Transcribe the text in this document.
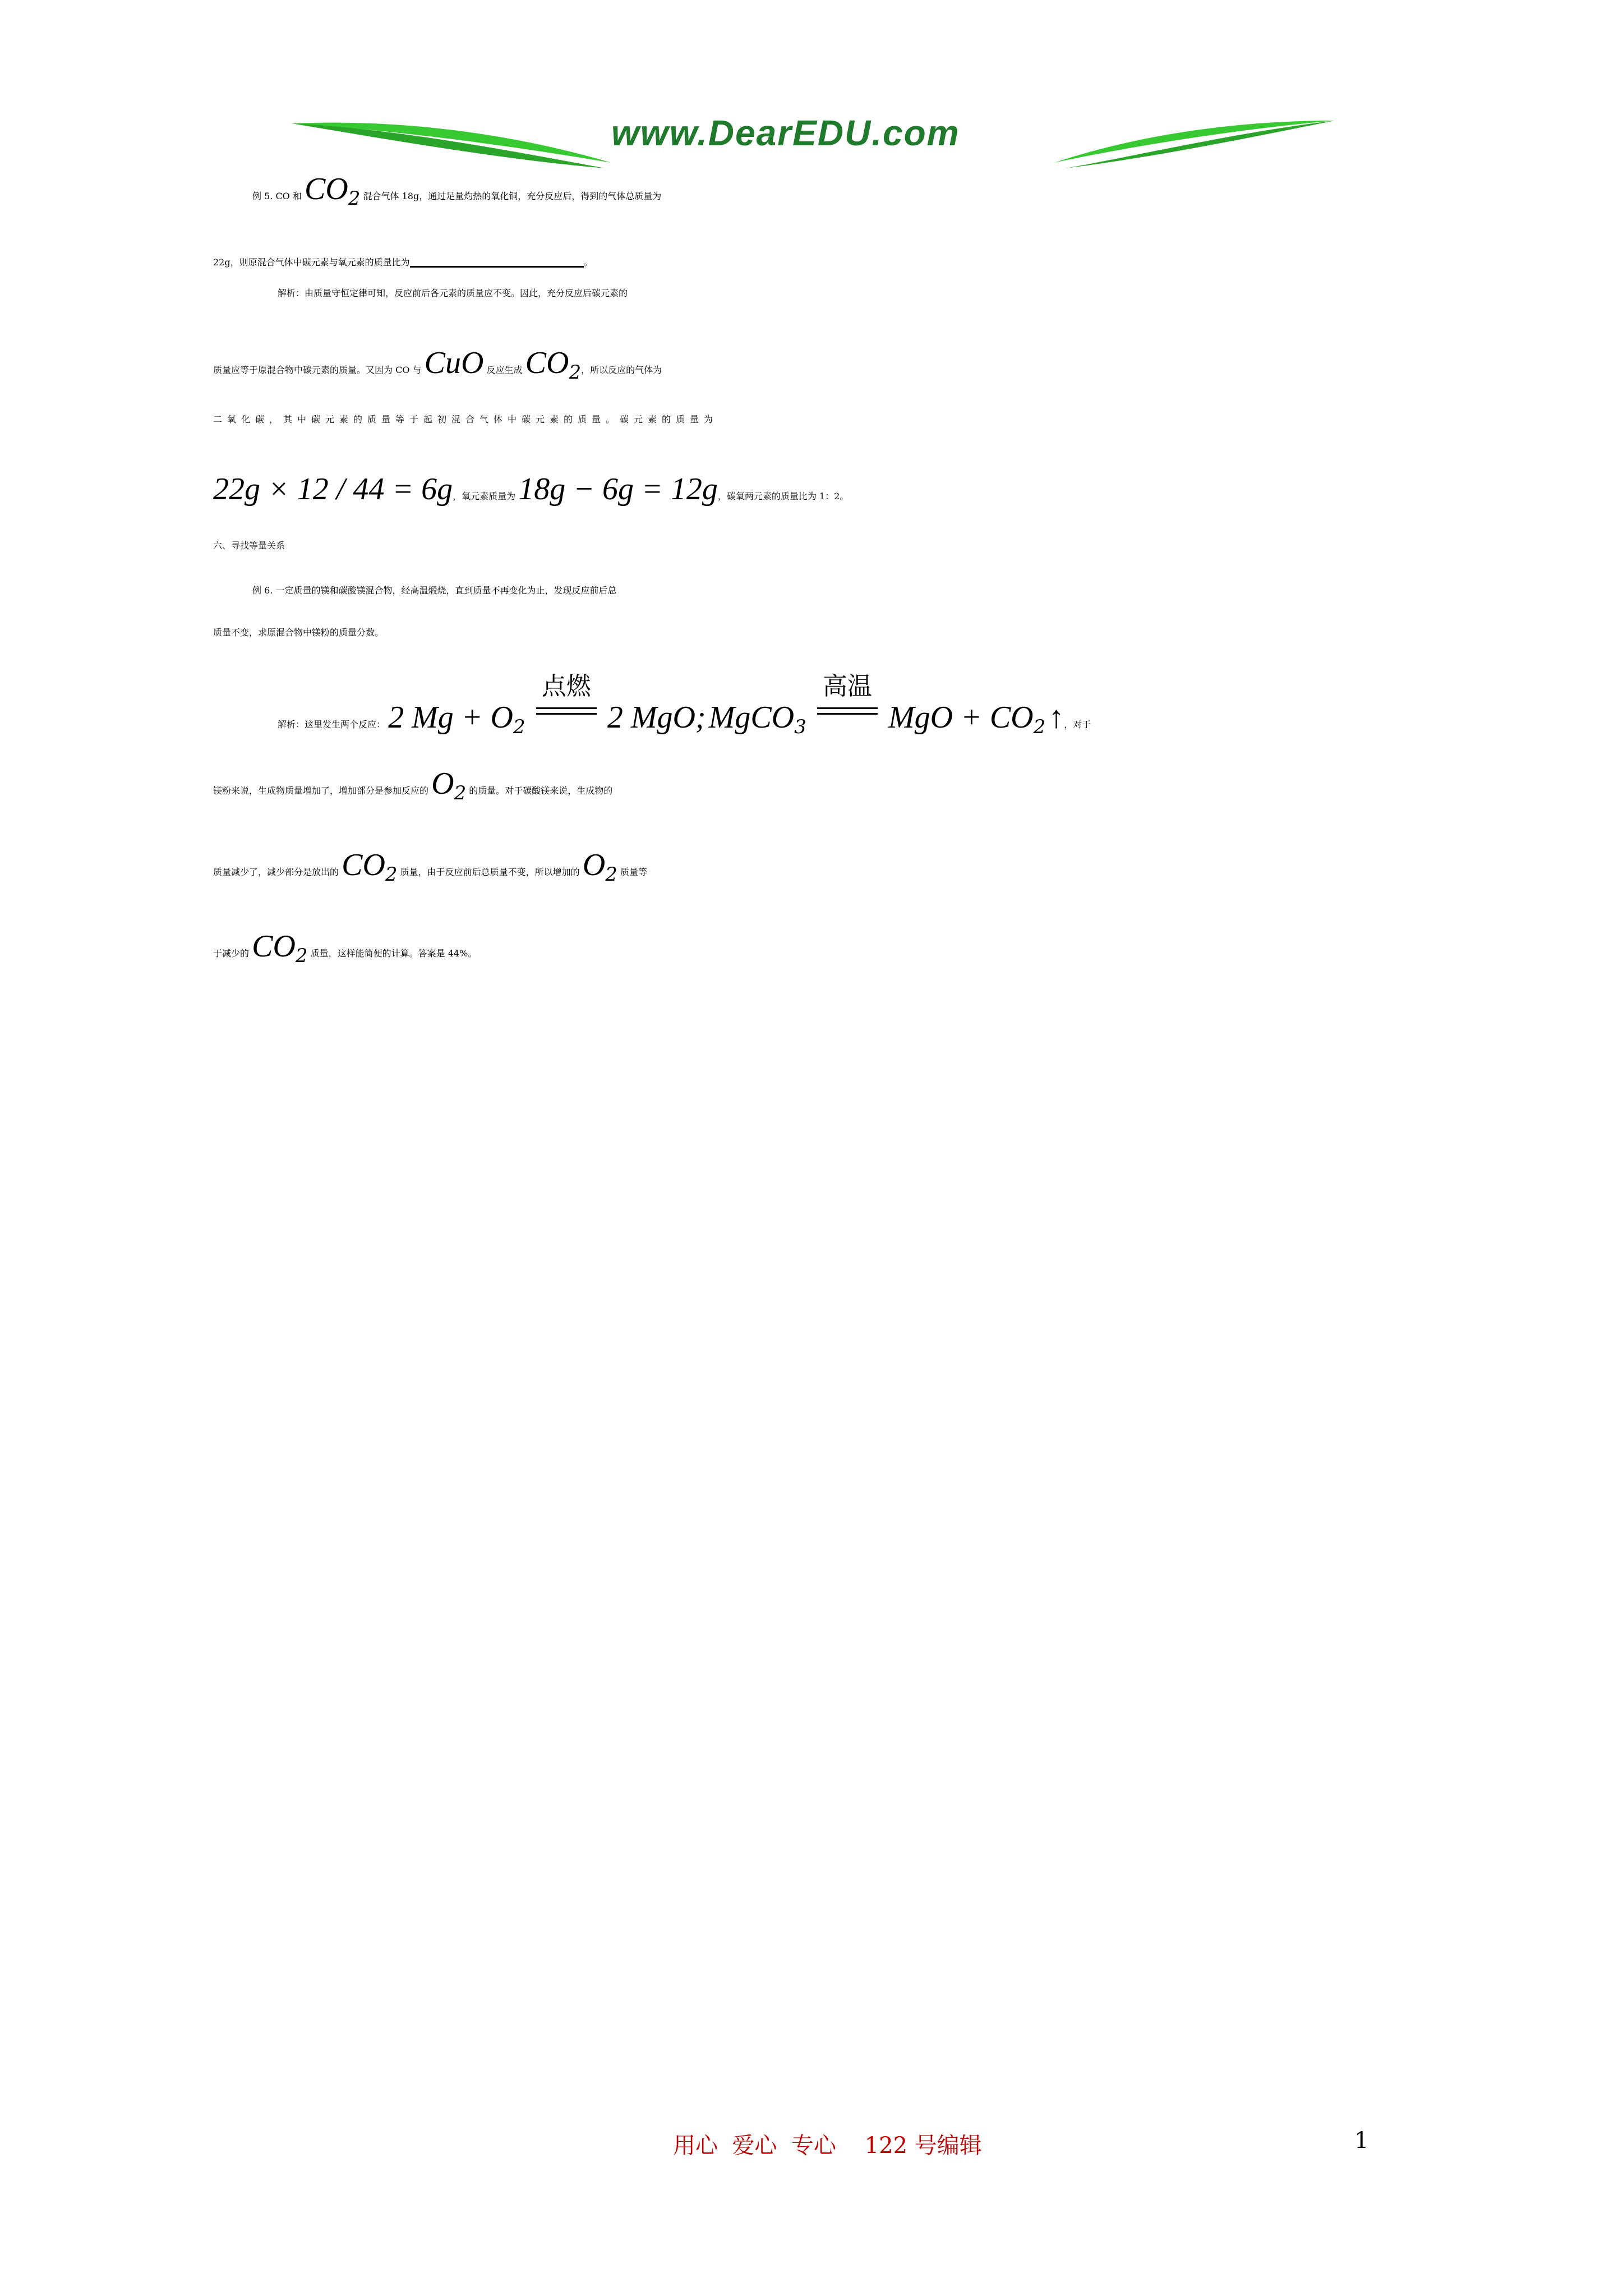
www.DearEDU.com
例 5. CO 和 CO2 混合气体 18g，通过足量灼热的氧化铜，充分反应后，得到的气体总质量为
22g，则原混合气体中碳元素与氧元素的质量比为	。
解析：由质量守恒定律可知，反应前后各元素的质量应不变。因此，充分反应后碳元素的
质量应等于原混合物中碳元素的质量。又因为 CO 与 CuO 反应生成 CO2，所以反应的气体为
二氧化碳，其中碳元素的质量等于起初混合气体中碳元素的质量。碳元素的质量为
22g × 12 / 44 = 6g，氧元素质量为 18g − 6g = 12g，碳氧两元素的质量比为 1：2。
六、寻找等量关系
例 6. 一定质量的镁和碳酸镁混合物，经高温煅烧，直到质量不再变化为止，发现反应前后总
质量不变，求原混合物中镁粉的质量分数。
解析：这里发生两个反应： 2 Mg + O2
点燃
2 MgO; MgCO3
高温
MgO + CO2 ↑，对于
镁粉来说，生成物质量增加了，增加部分是参加反应的 O2 的质量。对于碳酸镁来说，生成物的
质量减少了，减少部分是放出的 CO2 质量，由于反应前后总质量不变，所以增加的 O2 质量等
于减少的 CO2 质量，这样能简便的计算。答案是 44%。
用心  爱心  专心    122 号编辑	1
